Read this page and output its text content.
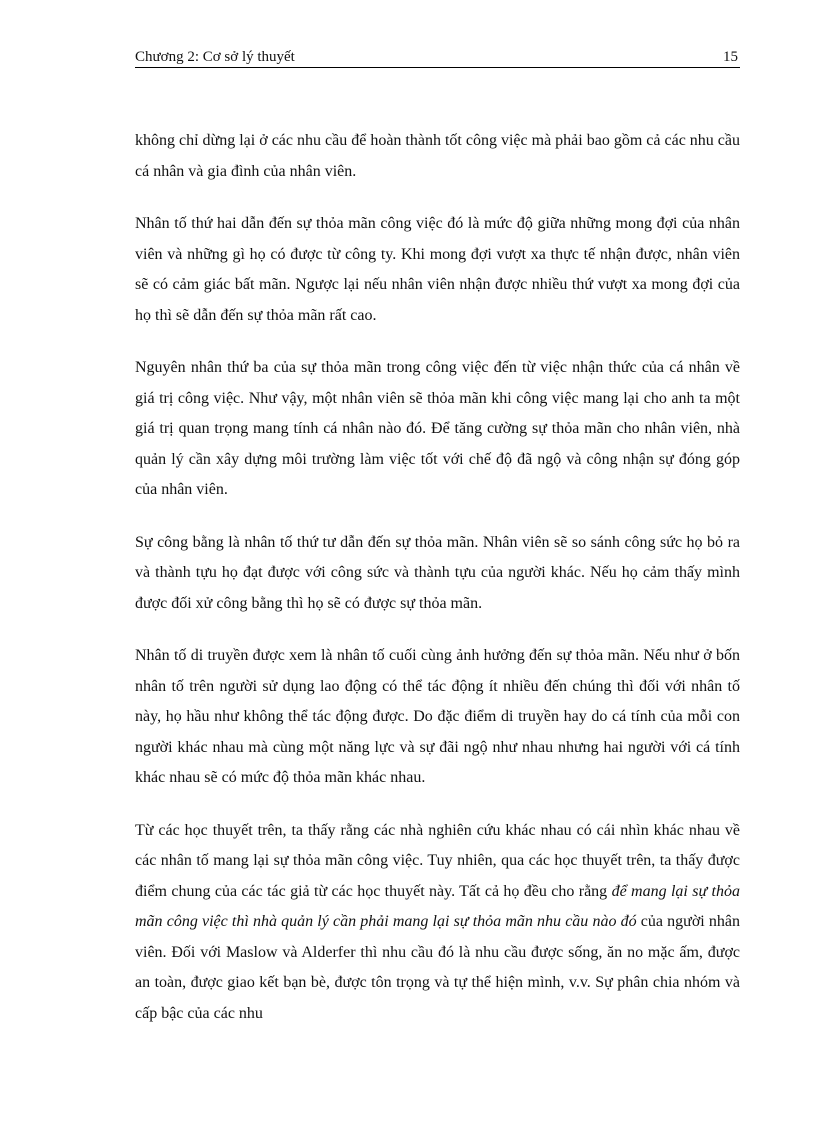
Chương 2: Cơ sở lý thuyết	15

không chỉ dừng lại ở các nhu cầu để hoàn thành tốt công việc mà phải bao gồm cả các nhu cầu cá nhân và gia đình của nhân viên.

Nhân tố thứ hai dẫn đến sự thỏa mãn công việc đó là mức độ giữa những mong đợi của nhân viên và những gì họ có được từ công ty. Khi mong đợi vượt xa thực tế nhận được, nhân viên sẽ có cảm giác bất mãn. Ngược lại nếu nhân viên nhận được nhiều thứ vượt xa mong đợi của họ thì sẽ dẫn đến sự thỏa mãn rất cao.

Nguyên nhân thứ ba của sự thỏa mãn trong công việc đến từ việc nhận thức của cá nhân về giá trị công việc. Như vậy, một nhân viên sẽ thỏa mãn khi công việc mang lại cho anh ta một giá trị quan trọng mang tính cá nhân nào đó. Để tăng cường sự thỏa mãn cho nhân viên, nhà quản lý cần xây dựng môi trường làm việc tốt với chế độ đã ngộ và công nhận sự đóng góp của nhân viên.

Sự công bằng là nhân tố thứ tư dẫn đến sự thỏa mãn. Nhân viên sẽ so sánh công sức họ bỏ ra và thành tựu họ đạt được với công sức và thành tựu của người khác. Nếu họ cảm thấy mình được đối xử công bằng thì họ sẽ có được sự thỏa mãn.

Nhân tố di truyền được xem là nhân tố cuối cùng ảnh hưởng đến sự thỏa mãn. Nếu như ở bốn nhân tố trên người sử dụng lao động có thể tác động ít nhiều đến chúng thì đối với nhân tố này, họ hầu như không thể tác động được. Do đặc điểm di truyền hay do cá tính của mỗi con người khác nhau mà cùng một năng lực và sự đãi ngộ như nhau nhưng hai người với cá tính khác nhau sẽ có mức độ thỏa mãn khác nhau.

Từ các học thuyết trên, ta thấy rằng các nhà nghiên cứu khác nhau có cái nhìn khác nhau về các nhân tố mang lại sự thỏa mãn công việc. Tuy nhiên, qua các học thuyết trên, ta thấy được điểm chung của các tác giả từ các học thuyết này. Tất cả họ đều cho rằng để mang lại sự thỏa mãn công việc thì nhà quản lý cần phải mang lại sự thỏa mãn nhu cầu nào đó của người nhân viên. Đối với Maslow và Alderfer thì nhu cầu đó là nhu cầu được sống, ăn no mặc ấm, được an toàn, được giao kết bạn bè, được tôn trọng và tự thể hiện mình, v.v. Sự phân chia nhóm và cấp bậc của các nhu
